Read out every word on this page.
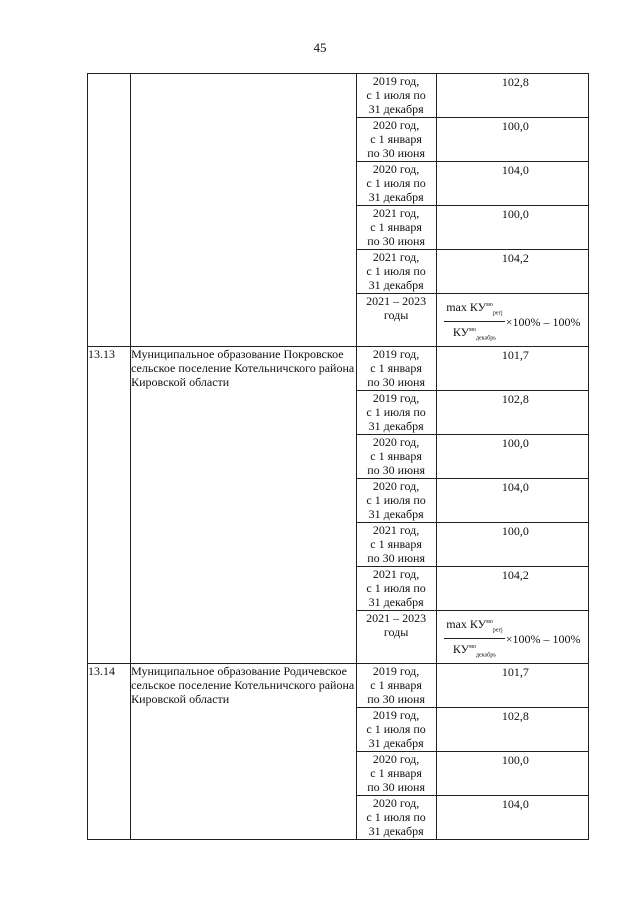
45

		2019 год,
с 1 июля по
31 декабря	102,8

		2020 год,
с 1 января
по 30 июня	100,0

		2020 год,
с 1 июля по
31 декабря	104,0

		2021 год,
с 1 января
по 30 июня	100,0

		2021 год,
с 1 июля по
31 декабря	104,2

		2021 – 2023
годы	$\frac{\max КУ^{мо}_{регj}}{КУ^{мо}_{декабрь}} \times 100\% - 100\%$

13.13	Муниципальное образование Покровское сельское поселение Котельничского района Кировской области	2019 год,
с 1 января
по 30 июня	101,7

		2019 год,
с 1 июля по
31 декабря	102,8

		2020 год,
с 1 января
по 30 июня	100,0

		2020 год,
с 1 июля по
31 декабря	104,0

		2021 год,
с 1 января
по 30 июня	100,0

		2021 год,
с 1 июля по
31 декабря	104,2

		2021 – 2023
годы	$\frac{\max КУ^{мо}_{регj}}{КУ^{мо}_{декабрь}} \times 100\% - 100\%$

13.14	Муниципальное образование Родичевское сельское поселение Котельничского района Кировской области	2019 год,
с 1 января
по 30 июня	101,7

		2019 год,
с 1 июля по
31 декабря	102,8

		2020 год,
с 1 января
по 30 июня	100,0

		2020 год,
с 1 июля по
31 декабря	104,0
